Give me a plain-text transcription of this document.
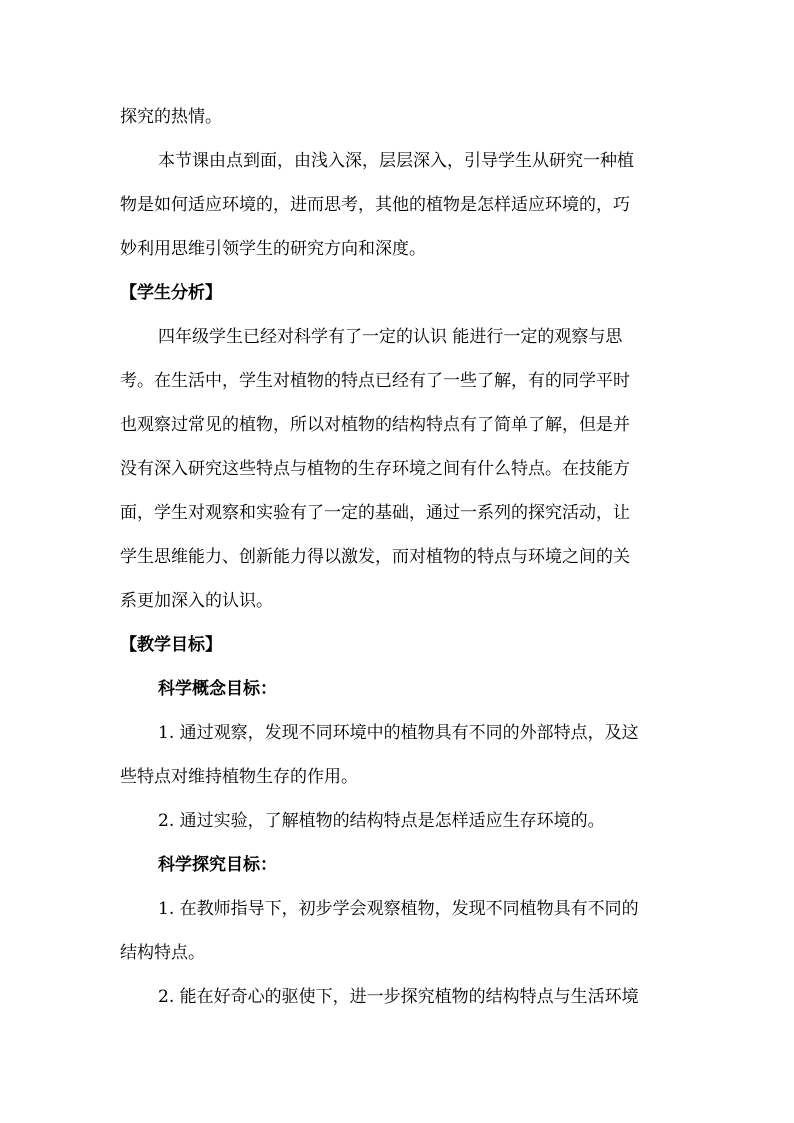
探究的热情。
本节课由点到面，由浅入深，层层深入，引导学生从研究一种植
物是如何适应环境的，进而思考，其他的植物是怎样适应环境的，巧
妙利用思维引领学生的研究方向和深度。
【学生分析】
四年级学生已经对科学有了一定的认识 能进行一定的观察与思
考。在生活中，学生对植物的特点已经有了一些了解，有的同学平时
也观察过常见的植物，所以对植物的结构特点有了简单了解，但是并
没有深入研究这些特点与植物的生存环境之间有什么特点。在技能方
面，学生对观察和实验有了一定的基础，通过一系列的探究活动，让
学生思维能力、创新能力得以激发，而对植物的特点与环境之间的关
系更加深入的认识。
【教学目标】
科学概念目标：
1. 通过观察，发现不同环境中的植物具有不同的外部特点，及这
些特点对维持植物生存的作用。
2. 通过实验，了解植物的结构特点是怎样适应生存环境的。
科学探究目标：
1. 在教师指导下，初步学会观察植物，发现不同植物具有不同的
结构特点。
2. 能在好奇心的驱使下，进一步探究植物的结构特点与生活环境
